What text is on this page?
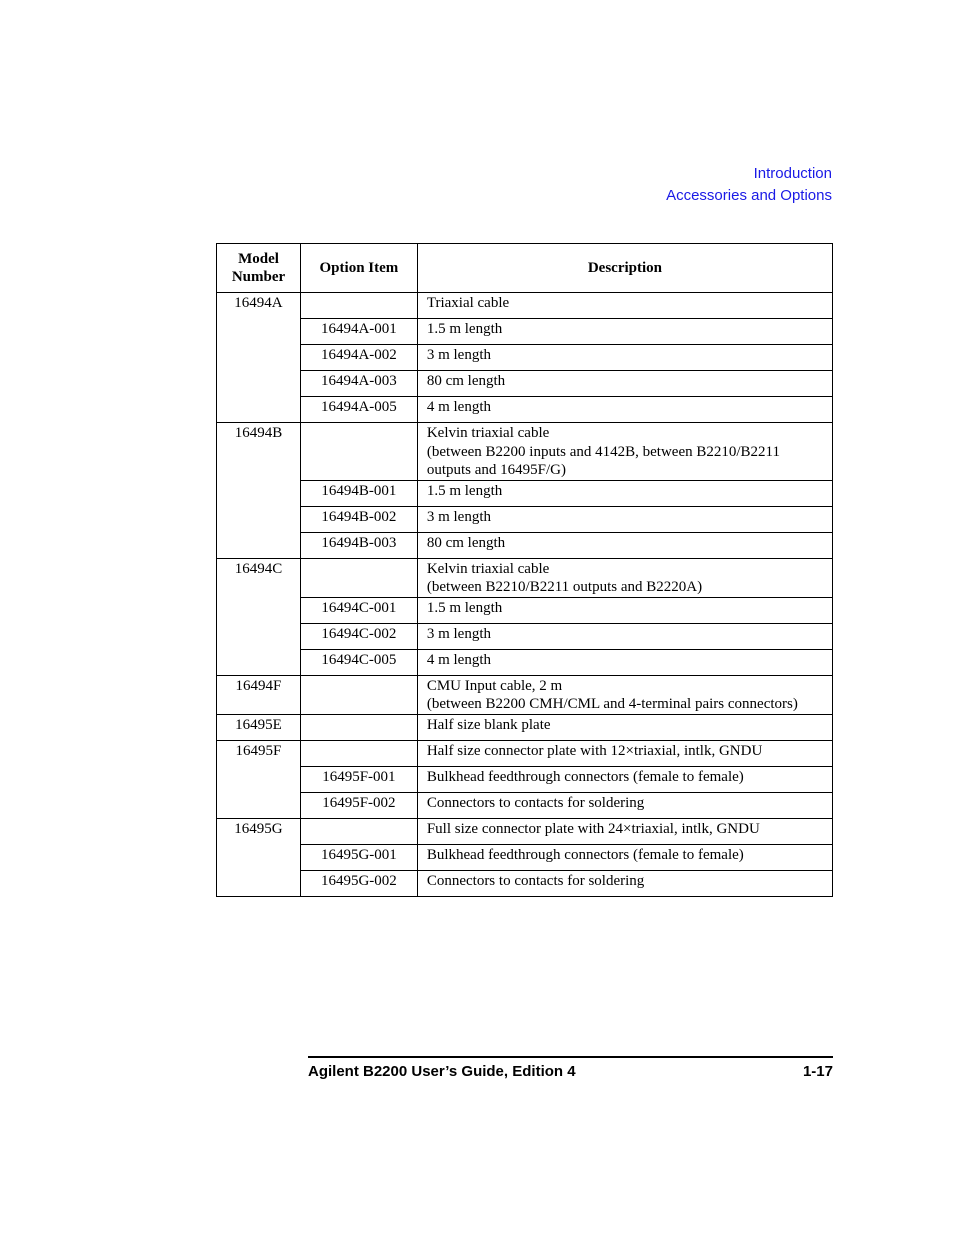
Introduction
Accessories and Options
Model
Number	Option Item	Description
16494A		Triaxial cable

	16494A-001	1.5 m length

	16494A-002	3 m length

	16494A-003	80 cm length

	16494A-005	4 m length

16494B		Kelvin triaxial cable
(between B2200 inputs and 4142B, between B2210/B2211
outputs and 16495F/G)

	16494B-001	1.5 m length

	16494B-002	3 m length

	16494B-003	80 cm length

16494C		Kelvin triaxial cable
(between B2210/B2211 outputs and B2220A)

	16494C-001	1.5 m length

	16494C-002	3 m length

	16494C-005	4 m length

16494F		CMU Input cable, 2 m
(between B2200 CMH/CML and 4-terminal pairs connectors)

16495E		Half size blank plate

16495F		Half size connector plate with 12×triaxial, intlk, GNDU

	16495F-001	Bulkhead feedthrough connectors (female to female)

	16495F-002	Connectors to contacts for soldering

16495G		Full size connector plate with 24×triaxial, intlk, GNDU

	16495G-001	Bulkhead feedthrough connectors (female to female)

	16495G-002	Connectors to contacts for soldering
Agilent B2200 User’s Guide, Edition 4	1-17
